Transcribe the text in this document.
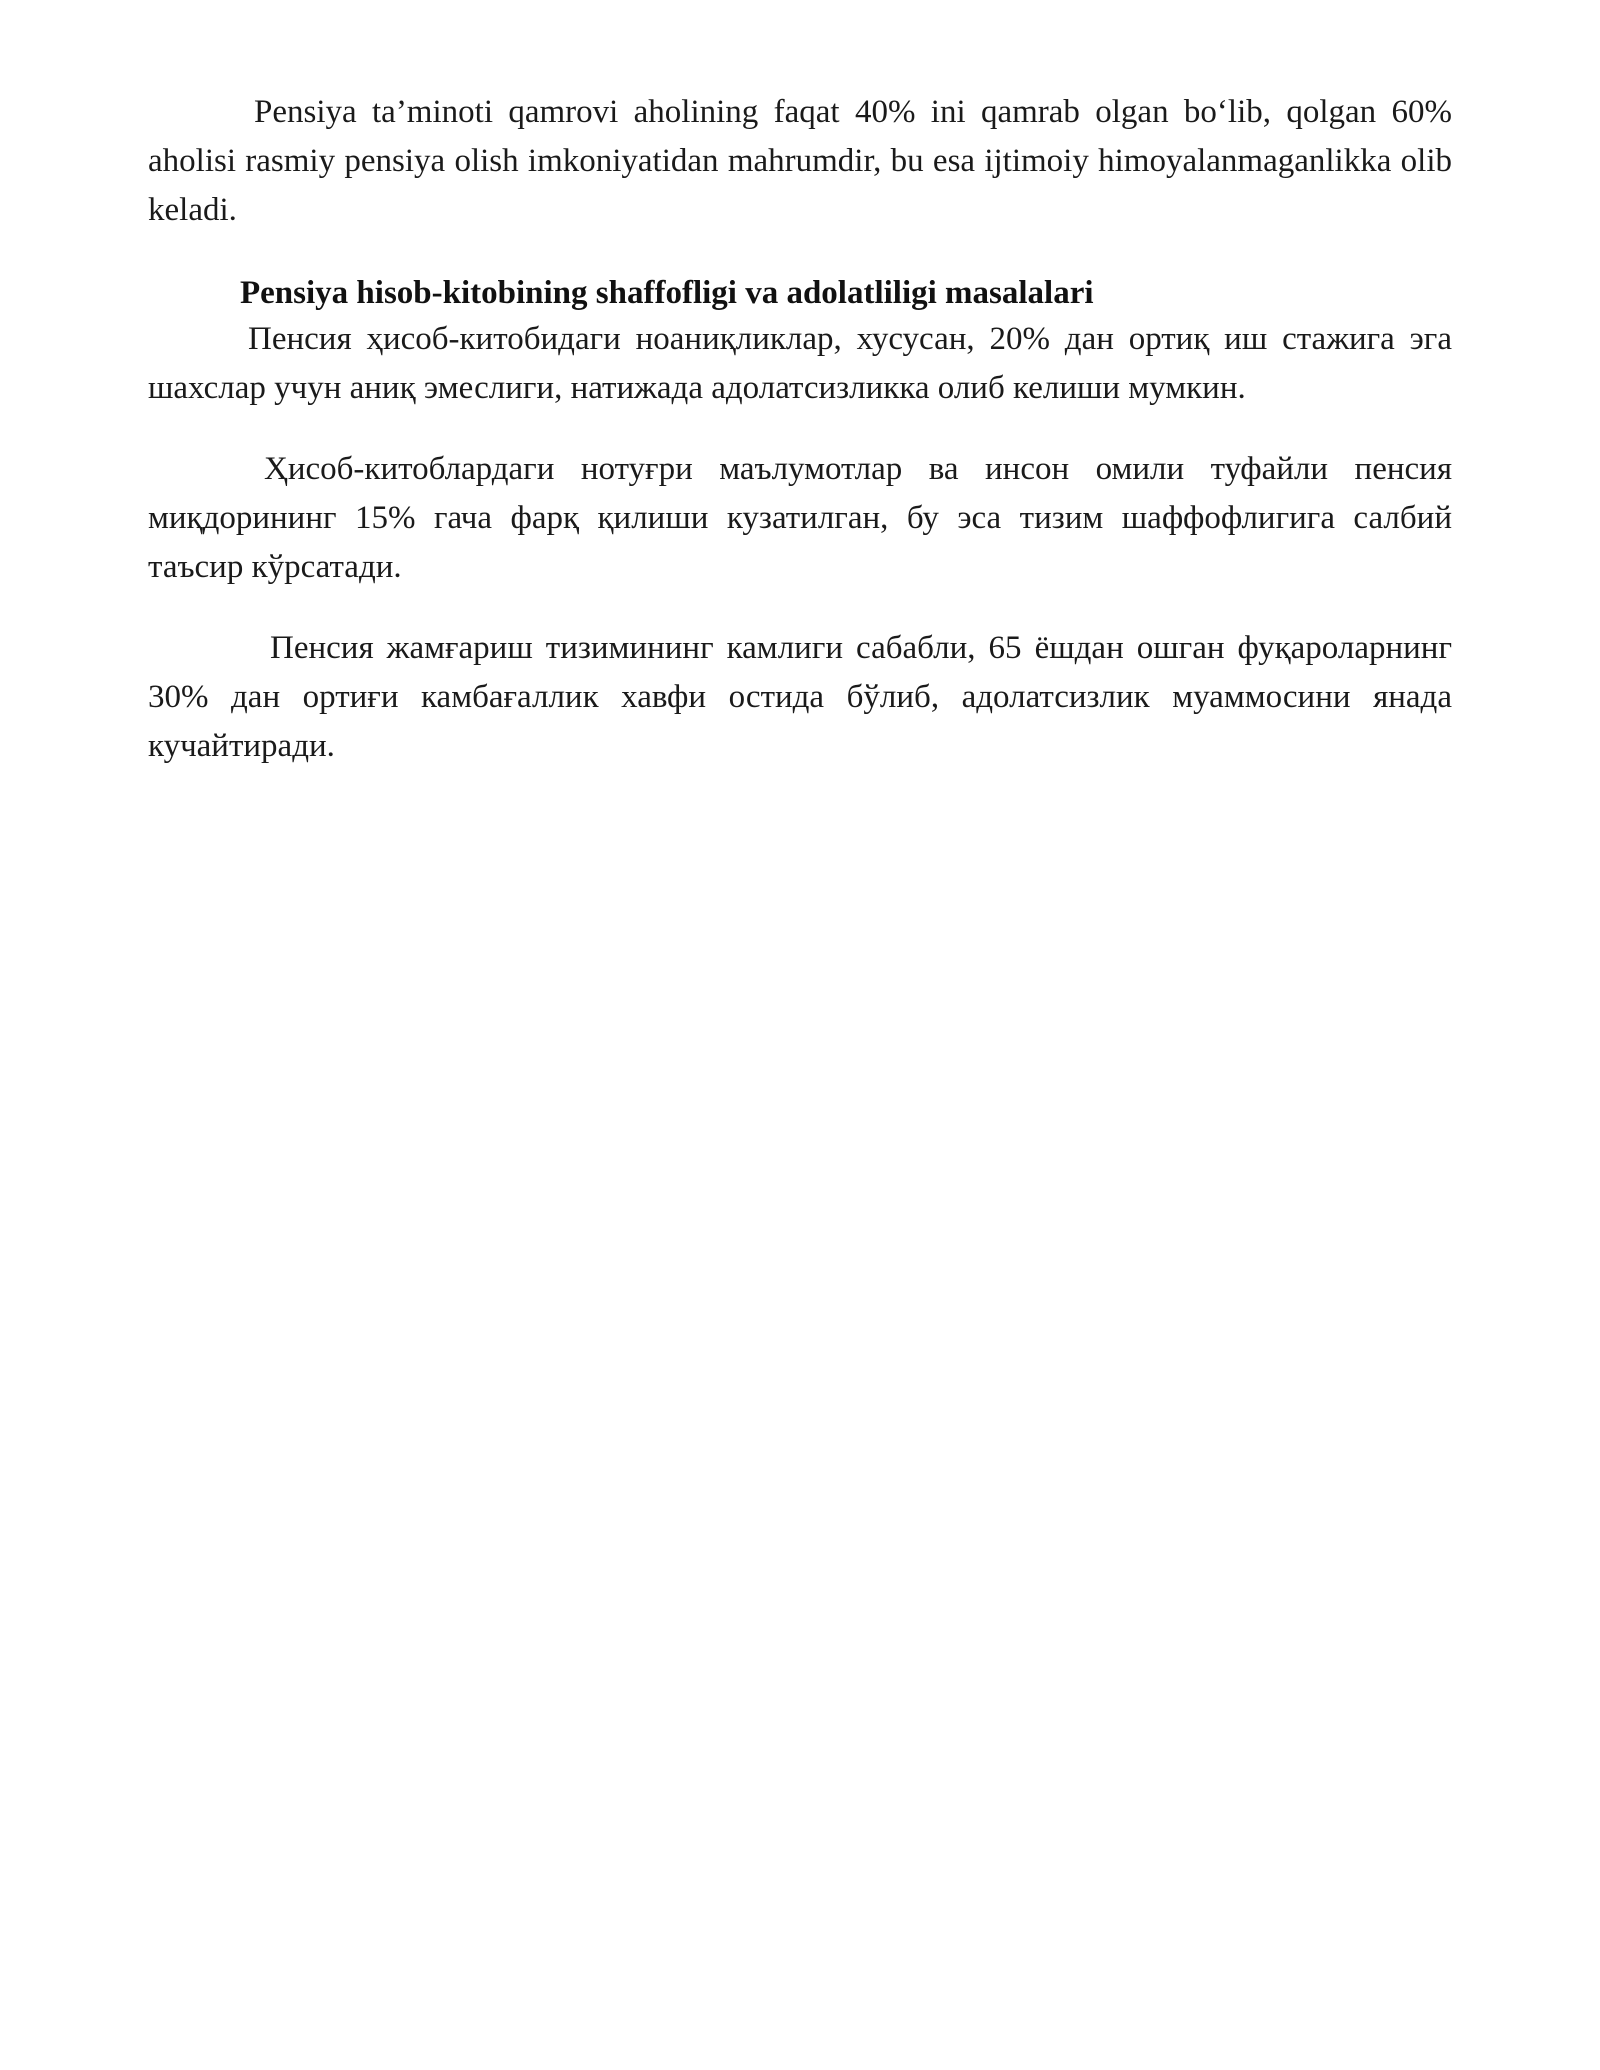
Pensiya ta’minoti qamrovi aholining faqat 40% ini qamrab olgan bo‘lib, qolgan 60% aholisi rasmiy pensiya olish imkoniyatidan mahrumdir, bu esa ijtimoiy himoyalanmaganlikka olib keladi.

Pensiya hisob-kitobining shaffofligi va adolatliligi masalalari

Пенсия ҳисоб-китобидаги ноаниқликлар, хусусан, 20% дан ортиқ иш стажига эга шахслар учун аниқ эмеслиги, натижада адолатсизликка олиб келиши мумкин.

Ҳисоб-китоблардаги нотуғри маълумотлар ва инсон омили туфайли пенсия миқдорининг 15% гача фарқ қилиши кузатилган, бу эса тизим шаффофлигига салбий таъсир кўрсатади.

Пенсия жамғариш тизимининг камлиги сабабли, 65 ёшдан ошган фуқароларнинг 30% дан ортиғи камбағаллик хавфи остида бўлиб, адолатсизлик муаммосини янада кучайтиради.
